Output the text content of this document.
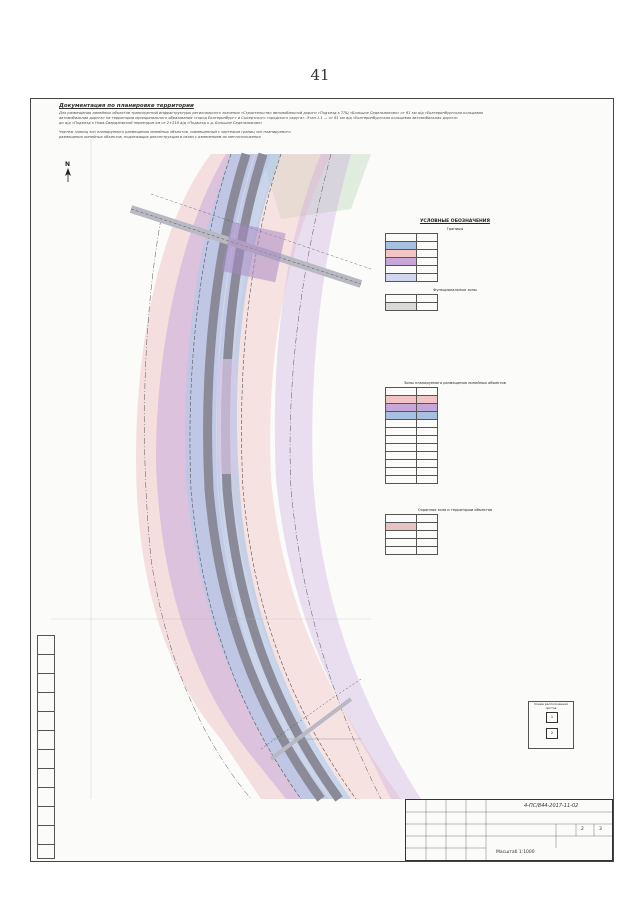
41
Документация по планировке территории
Для размещения линейных объектов транспортной инфраструктуры регионального значения «Строительство автомобильной дороги «Подъезд к ТЛЦ «Большое Седельниково» от 61 км а/д «Екатеринбургская кольцевая
автомобильная дорога» на территории муниципального образования «город Екатеринбург» и Сысертского городского округа». Этап 1.1 — от 61 км а/д «Екатеринбургская кольцевая автомобильная дорога»
до а/д «Подъезд к Нова-Свердловской переездом км от 2+218 а/д «Подъезд к д. Большое Седельниково»
Чертеж границ зон планируемого размещения линейных объектов, совмещенный с чертежом границ зон планируемого
размещения линейных объектов, подлежащих реконструкции в связи с изменением их местоположения
N
УСЛОВНЫЕ ОБОЗНАЧЕНИЯ
Границы

Функциональные зоны

Зоны планируемого размещения линейных объектов

Охранная зона и территории объектов

Схема расположения листов
1
2
4-ПС/844-2017-11-02
2	3
Масштаб 1:1000
